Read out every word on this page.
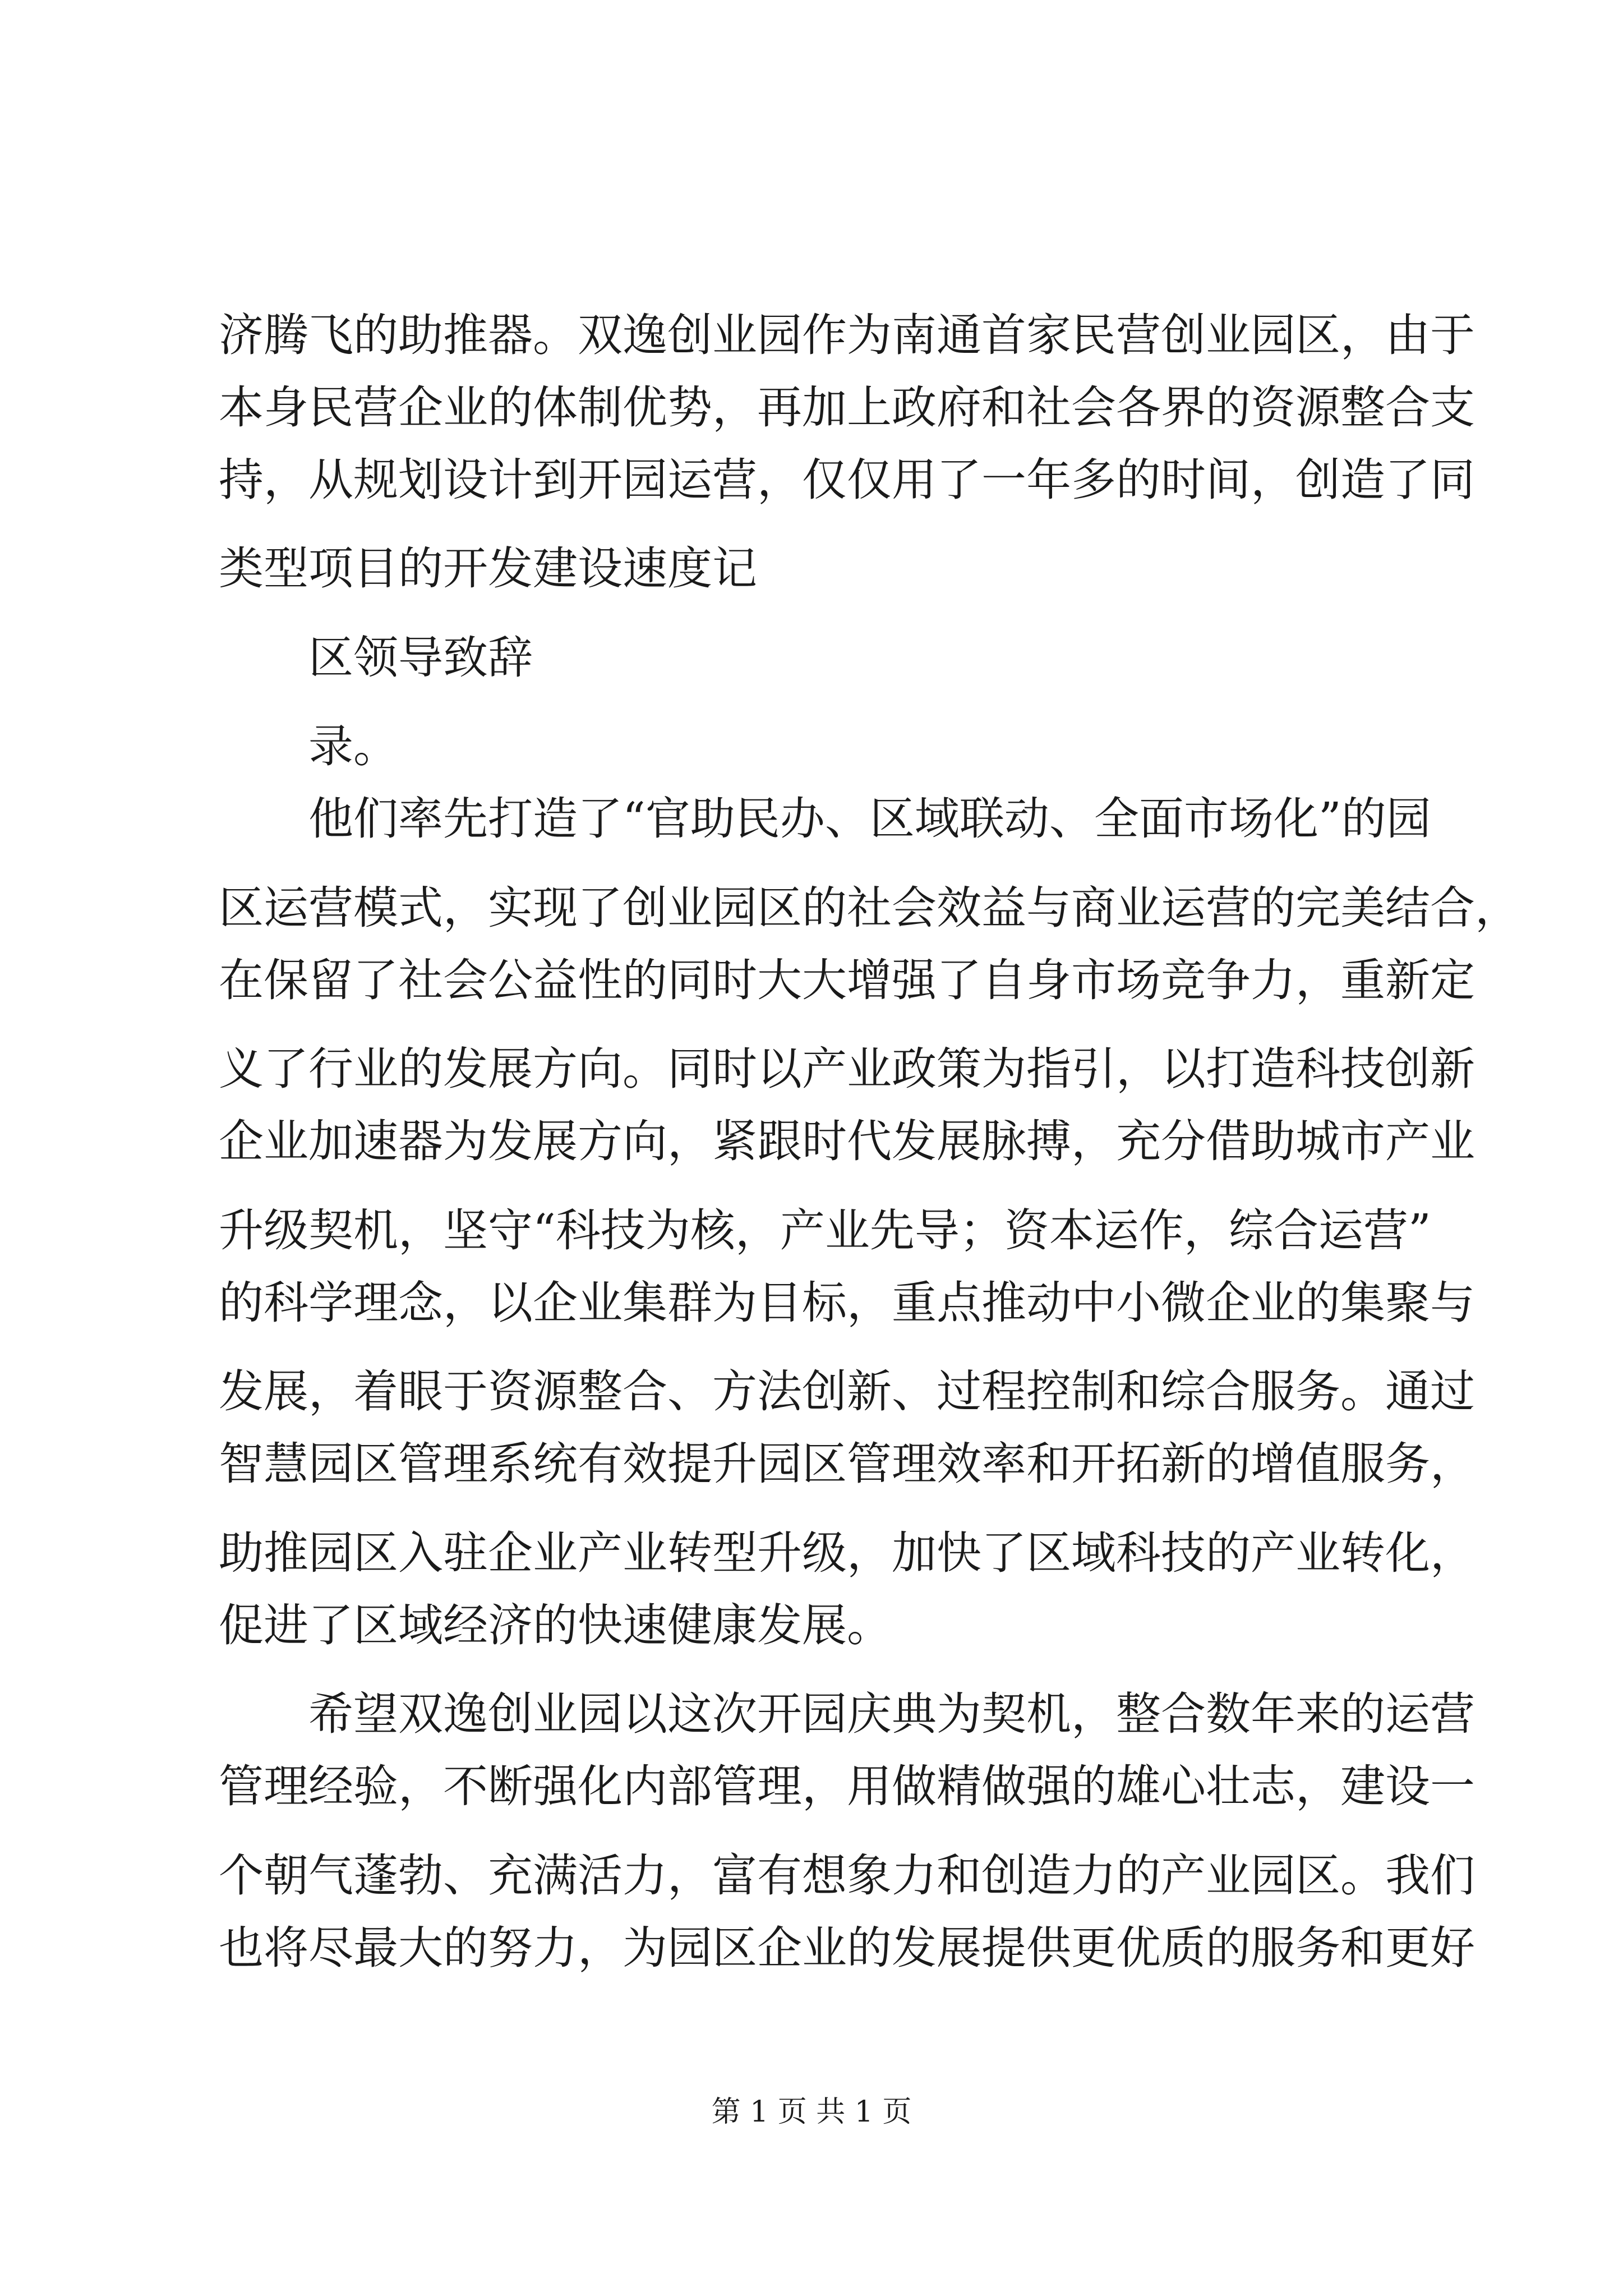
济腾飞的助推器。双逸创业园作为南通首家民营创业园区，由于
本身民营企业的体制优势，再加上政府和社会各界的资源整合支
持，从规划设计到开园运营，仅仅用了一年多的时间，创造了同
类型项目的开发建设速度记
区领导致辞
录。
他们率先打造了“官助民办、区域联动、全面市场化”的园
区运营模式，实现了创业园区的社会效益与商业运营的完美结合，
在保留了社会公益性的同时大大增强了自身市场竞争力，重新定
义了行业的发展方向。同时以产业政策为指引，以打造科技创新
企业加速器为发展方向，紧跟时代发展脉搏，充分借助城市产业
升级契机，坚守“科技为核，产业先导；资本运作，综合运营”
的科学理念，以企业集群为目标，重点推动中小微企业的集聚与
发展，着眼于资源整合、方法创新、过程控制和综合服务。通过
智慧园区管理系统有效提升园区管理效率和开拓新的增值服务，
助推园区入驻企业产业转型升级，加快了区域科技的产业转化，
促进了区域经济的快速健康发展。
希望双逸创业园以这次开园庆典为契机，整合数年来的运营
管理经验，不断强化内部管理，用做精做强的雄心壮志，建设一
个朝气蓬勃、充满活力，富有想象力和创造力的产业园区。我们
也将尽最大的努力，为园区企业的发展提供更优质的服务和更好
第 1 页 共 1 页
